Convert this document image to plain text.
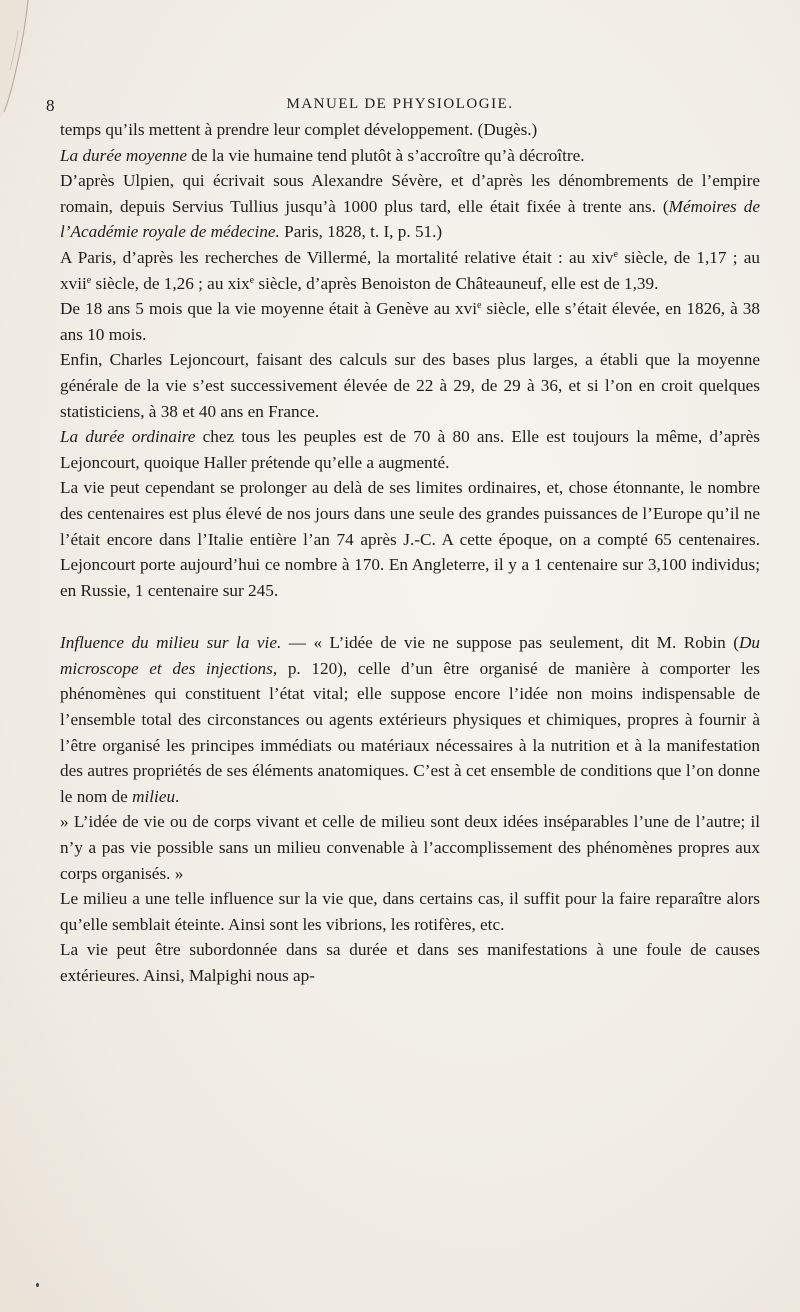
8	MANUEL DE PHYSIOLOGIE.

temps qu’ils mettent à prendre leur complet développement. (Dugès.)

La durée moyenne de la vie humaine tend plutôt à s’accroître qu’à décroître.

D’après Ulpien, qui écrivait sous Alexandre Sévère, et d’après les dénombrements de l’empire romain, depuis Servius Tullius jusqu’à 1000 plus tard, elle était fixée à trente ans. (Mémoires de l’Académie royale de médecine. Paris, 1828, t. I, p. 51.)

A Paris, d’après les recherches de Villermé, la mortalité relative était : au xiv$^e$ siècle, de 1,17 ; au xvii$^e$ siècle, de 1,26 ; au xix$^e$ siècle, d’après Benoiston de Châteauneuf, elle est de 1,39.

De 18 ans 5 mois que la vie moyenne était à Genève au xvi$^e$ siècle, elle s’était élevée, en 1826, à 38 ans 10 mois.

Enfin, Charles Lejoncourt, faisant des calculs sur des bases plus larges, a établi que la moyenne générale de la vie s’est successivement élevée de 22 à 29, de 29 à 36, et si l’on en croit quelques statisticiens, à 38 et 40 ans en France.

La durée ordinaire chez tous les peuples est de 70 à 80 ans. Elle est toujours la même, d’après Lejoncourt, quoique Haller prétende qu’elle a augmenté.

La vie peut cependant se prolonger au delà de ses limites ordinaires, et, chose étonnante, le nombre des centenaires est plus élevé de nos jours dans une seule des grandes puissances de l’Europe qu’il ne l’était encore dans l’Italie entière l’an 74 après J.-C. A cette époque, on a compté 65 centenaires. Lejoncourt porte aujourd’hui ce nombre à 170. En Angleterre, il y a 1 centenaire sur 3,100 individus; en Russie, 1 centenaire sur 245.

Influence du milieu sur la vie. — « L’idée de vie ne suppose pas seulement, dit M. Robin (Du microscope et des injections, p. 120), celle d’un être organisé de manière à comporter les phénomènes qui constituent l’état vital; elle suppose encore l’idée non moins indispensable de l’ensemble total des circonstances ou agents extérieurs physiques et chimiques, propres à fournir à l’être organisé les principes immédiats ou matériaux nécessaires à la nutrition et à la manifestation des autres propriétés de ses éléments anatomiques. C’est à cet ensemble de conditions que l’on donne le nom de milieu.

» L’idée de vie ou de corps vivant et celle de milieu sont deux idées inséparables l’une de l’autre; il n’y a pas vie possible sans un milieu convenable à l’accomplissement des phénomènes propres aux corps organisés. »

Le milieu a une telle influence sur la vie que, dans certains cas, il suffit pour la faire reparaître alors qu’elle semblait éteinte. Ainsi sont les vibrions, les rotifères, etc.

La vie peut être subordonnée dans sa durée et dans ses manifestations à une foule de causes extérieures. Ainsi, Malpighi nous ap-
